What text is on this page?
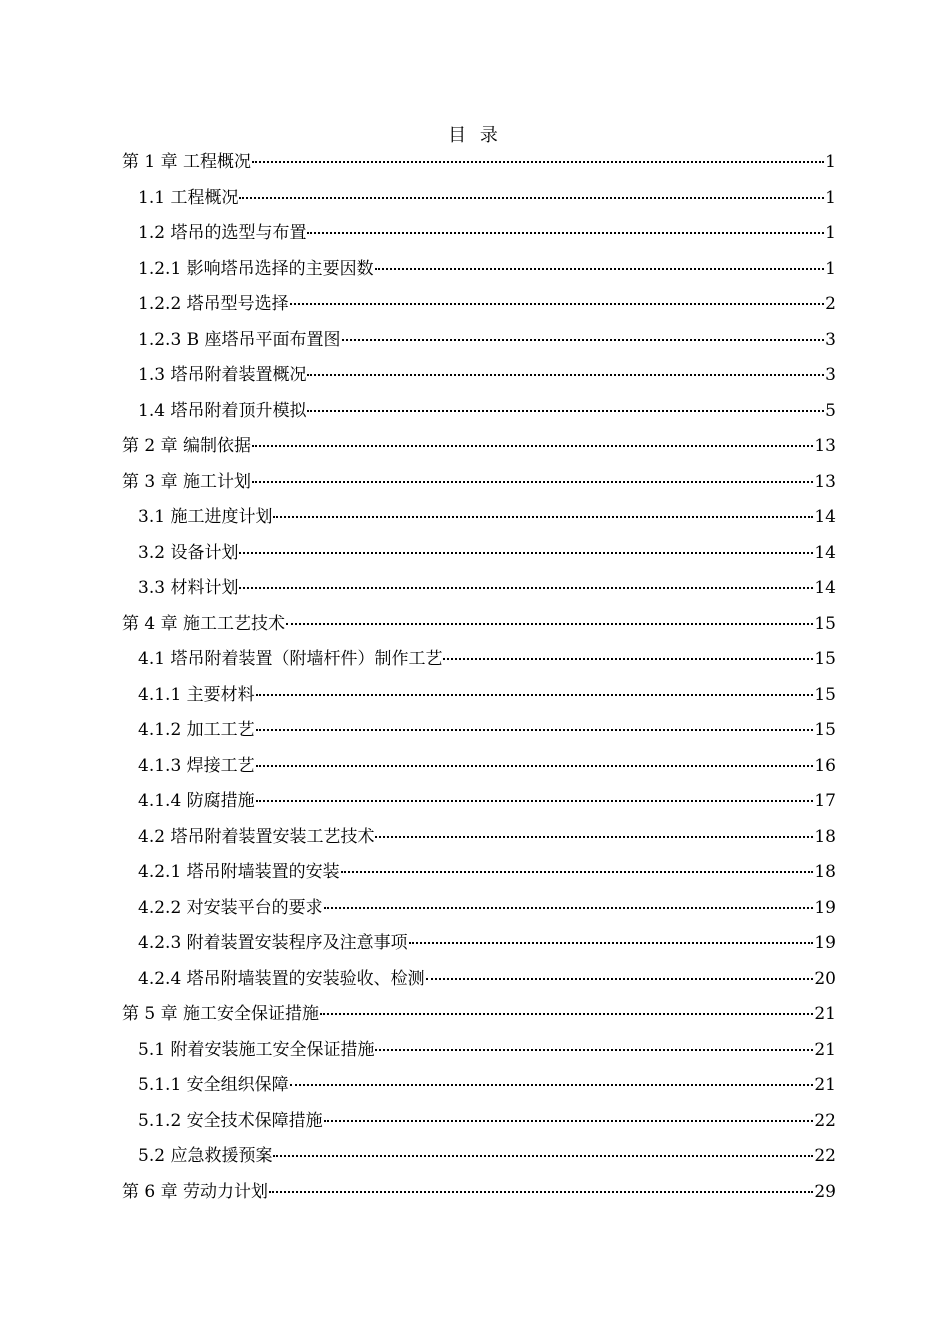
目 录
第 1 章 工程概况	1
1.1 工程概况	1
1.2 塔吊的选型与布置	1
1.2.1 影响塔吊选择的主要因数	1
1.2.2 塔吊型号选择	2
1.2.3 B 座塔吊平面布置图	3
1.3 塔吊附着装置概况	3
1.4 塔吊附着顶升模拟	5
第 2 章 编制依据	13
第 3 章 施工计划	13
3.1 施工进度计划	14
3.2 设备计划	14
3.3 材料计划	14
第 4 章 施工工艺技术	15
4.1 塔吊附着装置（附墙杆件）制作工艺	15
4.1.1 主要材料	15
4.1.2 加工工艺	15
4.1.3 焊接工艺	16
4.1.4 防腐措施	17
4.2 塔吊附着装置安装工艺技术	18
4.2.1 塔吊附墙装置的安装	18
4.2.2 对安装平台的要求	19
4.2.3 附着装置安装程序及注意事项	19
4.2.4 塔吊附墙装置的安装验收、检测	20
第 5 章 施工安全保证措施	21
5.1 附着安装施工安全保证措施	21
5.1.1 安全组织保障	21
5.1.2 安全技术保障措施	22
5.2 应急救援预案	22
第 6 章 劳动力计划	29
